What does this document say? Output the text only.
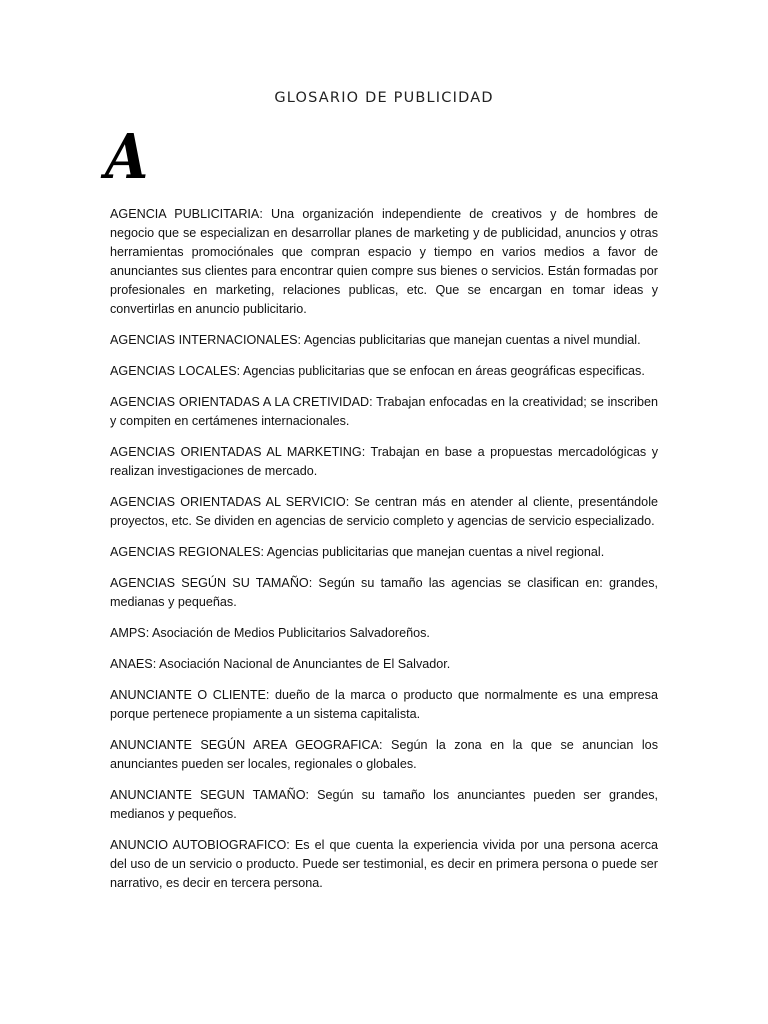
GLOSARIO DE PUBLICIDAD
A

AGENCIA PUBLICITARIA: Una organización independiente de creativos y de hombres de negocio que se especializan en desarrollar planes de marketing y de publicidad, anuncios y otras herramientas promociónales que compran espacio y tiempo en varios medios a favor de anunciantes sus clientes para encontrar quien compre sus bienes o servicios. Están formadas por profesionales en marketing, relaciones publicas, etc. Que se encargan en tomar ideas y convertirlas en anuncio publicitario.

AGENCIAS INTERNACIONALES: Agencias publicitarias que manejan cuentas a nivel mundial.

AGENCIAS LOCALES: Agencias publicitarias que se enfocan en áreas geográficas especificas.

AGENCIAS ORIENTADAS A LA CRETIVIDAD: Trabajan enfocadas en la creatividad; se inscriben y compiten en certámenes internacionales.

AGENCIAS ORIENTADAS AL MARKETING: Trabajan en base a propuestas mercadológicas y realizan investigaciones de mercado.

AGENCIAS ORIENTADAS AL SERVICIO: Se centran más en atender al cliente, presentándole proyectos, etc. Se dividen en agencias de servicio completo y agencias de servicio especializado.

AGENCIAS REGIONALES: Agencias publicitarias que manejan cuentas a nivel regional.

AGENCIAS SEGÚN SU TAMAÑO: Según su tamaño las agencias se clasifican en: grandes, medianas y pequeñas.

AMPS: Asociación de Medios Publicitarios Salvadoreños.

ANAES: Asociación Nacional de Anunciantes de El Salvador.

ANUNCIANTE O CLIENTE: dueño de la marca o producto que normalmente es una empresa porque pertenece propiamente a un sistema capitalista.

ANUNCIANTE SEGÚN AREA GEOGRAFICA: Según la zona en la que se anuncian los anunciantes pueden ser locales, regionales o globales.

ANUNCIANTE SEGUN TAMAÑO: Según su tamaño los anunciantes pueden ser grandes, medianos y pequeños.

ANUNCIO AUTOBIOGRAFICO: Es el que cuenta la experiencia vivida por una persona acerca del uso de un servicio o producto. Puede ser testimonial, es decir en primera persona o puede ser narrativo, es decir en tercera persona.
